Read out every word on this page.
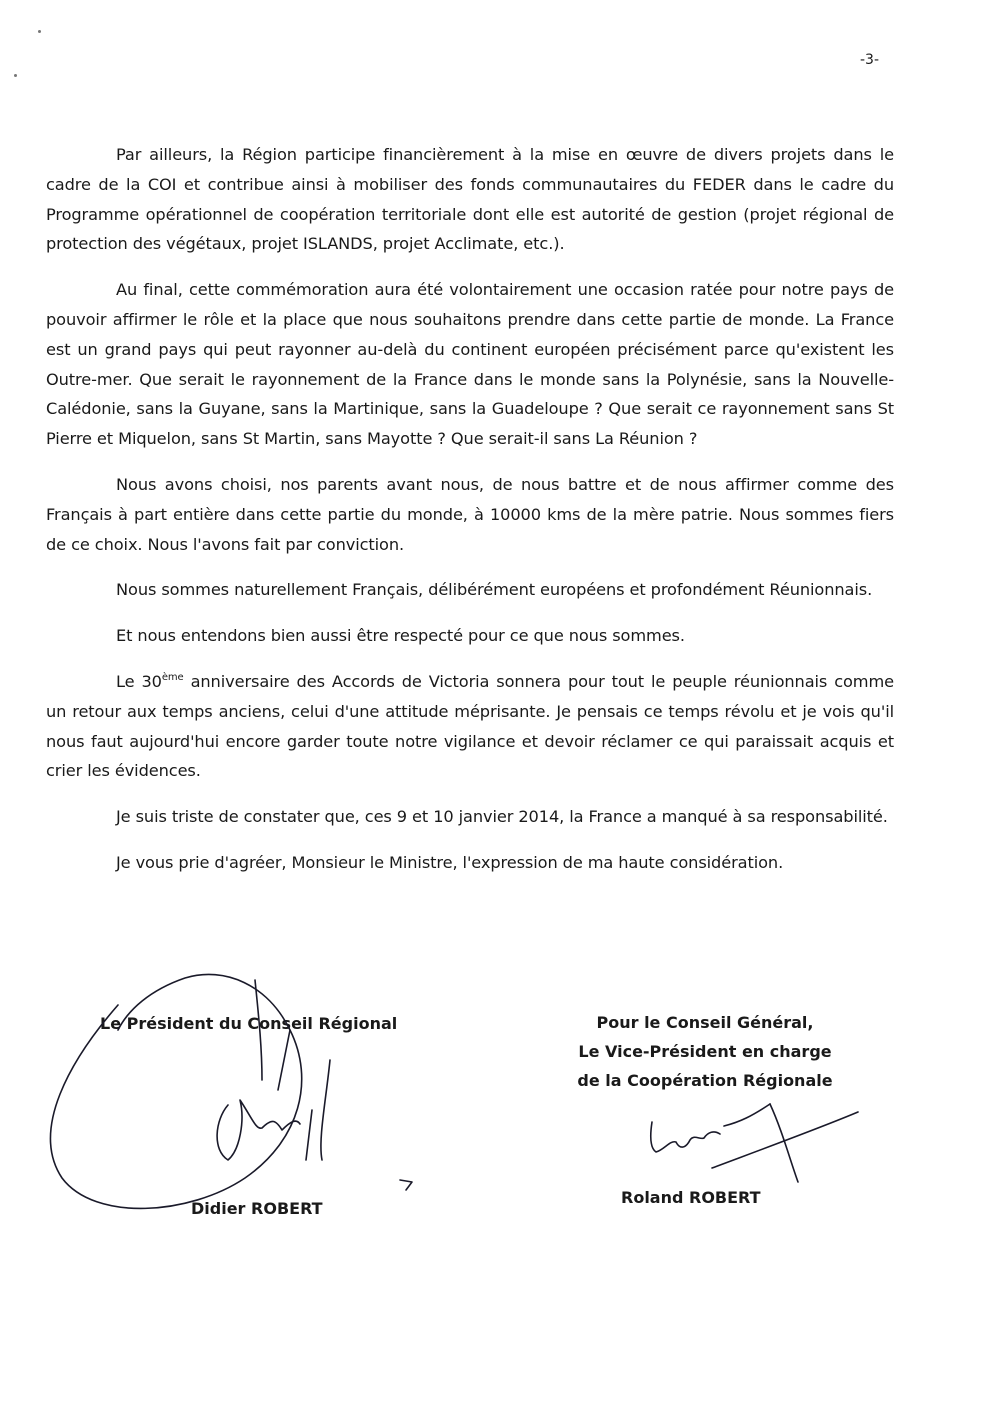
-3-

Par ailleurs, la Région participe financièrement à la mise en œuvre de divers projets dans le cadre de la COI et contribue ainsi à mobiliser des fonds communautaires du FEDER dans le cadre du Programme opérationnel de coopération territoriale dont elle est autorité de gestion (projet régional de protection des végétaux, projet ISLANDS, projet Acclimate, etc.).

Au final, cette commémoration aura été volontairement une occasion ratée pour notre pays de pouvoir affirmer le rôle et la place que nous souhaitons prendre dans cette partie de monde. La France est un grand pays qui peut rayonner au-delà du continent européen précisément parce qu'existent les Outre-mer. Que serait le rayonnement de la France dans le monde sans la Polynésie, sans la Nouvelle-Calédonie, sans la Guyane, sans la Martinique, sans la Guadeloupe ? Que serait ce rayonnement sans St Pierre et Miquelon, sans St Martin, sans Mayotte ? Que serait-il sans La Réunion ?

Nous avons choisi, nos parents avant nous, de nous battre et de nous affirmer comme des Français à part entière dans cette partie du monde, à 10000 kms de la mère patrie. Nous sommes fiers de ce choix. Nous l'avons fait par conviction.

Nous sommes naturellement Français, délibérément européens et profondément Réunionnais.

Et nous entendons bien aussi être respecté pour ce que nous sommes.

Le 30ème anniversaire des Accords de Victoria sonnera pour tout le peuple réunionnais comme un retour aux temps anciens, celui d'une attitude méprisante. Je pensais ce temps révolu et je vois qu'il nous faut aujourd'hui encore garder toute notre vigilance et devoir réclamer ce qui paraissait acquis et crier les évidences.

Je suis triste de constater que, ces 9 et 10 janvier 2014, la France a manqué à sa responsabilité.

Je vous prie d'agréer, Monsieur le Ministre, l'expression de ma haute considération.

Le Président du Conseil Régional
Didier ROBERT
Pour le Conseil Général,
Le Vice-Président en charge
de la Coopération Régionale
Roland ROBERT
